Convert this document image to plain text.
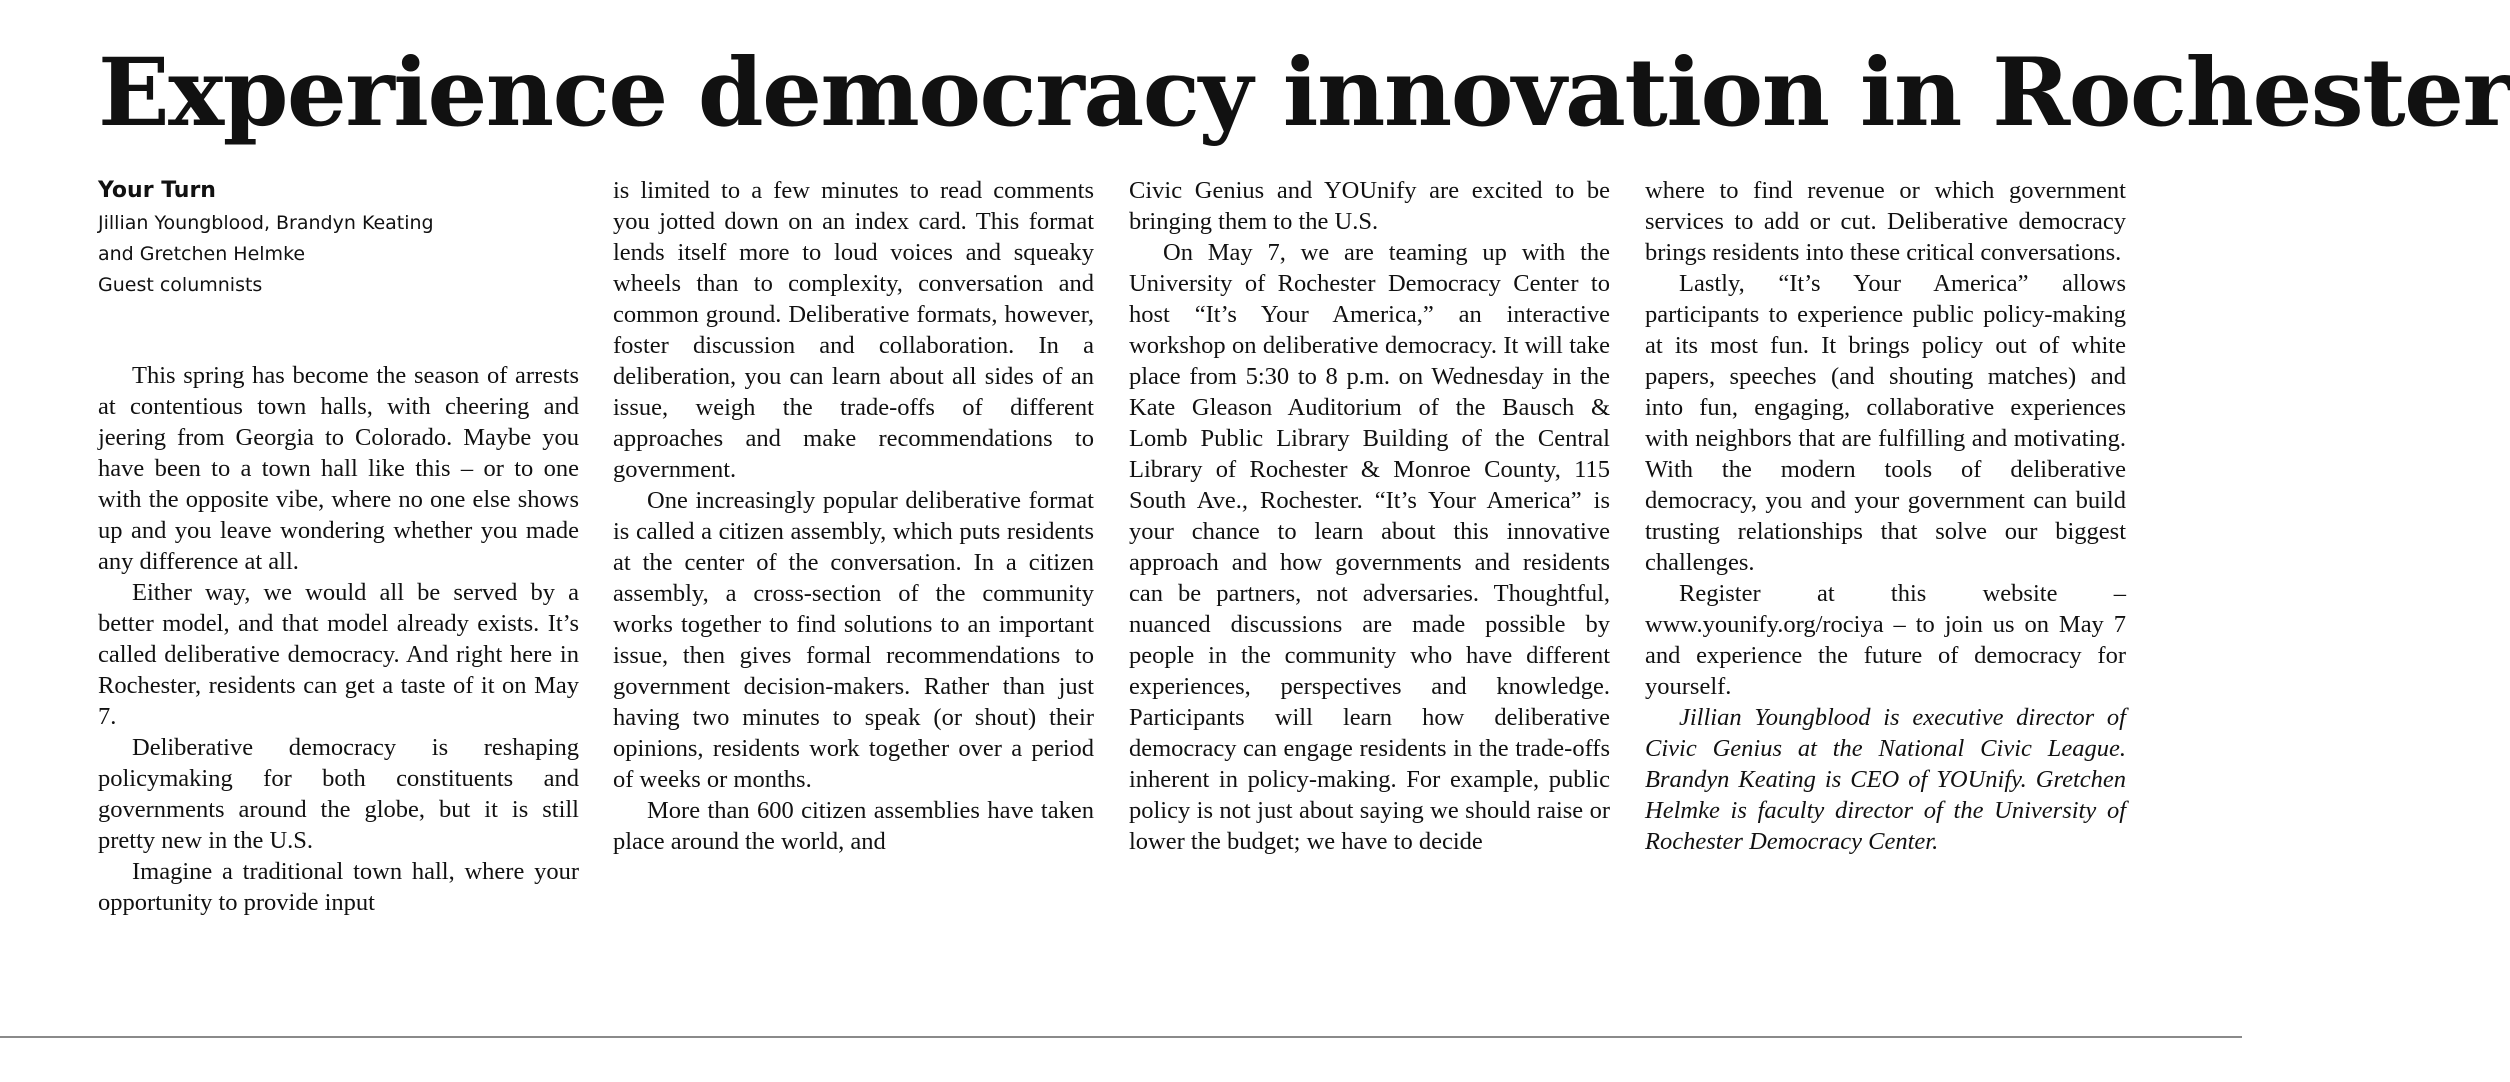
Experience democracy innovation in Rochester
Your Turn
Jillian Youngblood, Brandyn Keating
and Gretchen Helmke
Guest columnists

This spring has become the season of arrests at contentious town halls, with cheering and jeering from Georgia to Colorado. Maybe you have been to a town hall like this – or to one with the opposite vibe, where no one else shows up and you leave wondering whether you made any difference at all.

Either way, we would all be served by a better model, and that model already exists. It’s called deliberative democracy. And right here in Rochester, residents can get a taste of it on May 7.

Deliberative democracy is reshaping policymaking for both constituents and governments around the globe, but it is still pretty new in the U.S.

Imagine a traditional town hall, where your opportunity to provide input

is limited to a few minutes to read comments you jotted down on an index card. This format lends itself more to loud voices and squeaky wheels than to complexity, conversation and common ground. Deliberative formats, however, foster discussion and collaboration. In a deliberation, you can learn about all sides of an issue, weigh the trade-offs of different approaches and make recommendations to government.

One increasingly popular deliberative format is called a citizen assembly, which puts residents at the center of the conversation. In a citizen assembly, a cross-section of the community works together to find solutions to an important issue, then gives formal recommendations to government decision-makers. Rather than just having two minutes to speak (or shout) their opinions, residents work together over a period of weeks or months.

More than 600 citizen assemblies have taken place around the world, and

Civic Genius and YOUnify are excited to be bringing them to the U.S.

On May 7, we are teaming up with the University of Rochester Democracy Center to host “It’s Your America,” an interactive workshop on deliberative democracy. It will take place from 5:30 to 8 p.m. on Wednesday in the Kate Gleason Auditorium of the Bausch & Lomb Public Library Building of the Central Library of Rochester & Monroe County, 115 South Ave., Rochester. “It’s Your America” is your chance to learn about this innovative approach and how governments and residents can be partners, not adversaries. Thoughtful, nuanced discussions are made possible by people in the community who have different experiences, perspectives and knowledge. Participants will learn how deliberative democracy can engage residents in the trade-offs inherent in policy-making. For example, public policy is not just about saying we should raise or lower the budget; we have to decide

where to find revenue or which government services to add or cut. Deliberative democracy brings residents into these critical conversations.

Lastly, “It’s Your America” allows participants to experience public policy-making at its most fun. It brings policy out of white papers, speeches (and shouting matches) and into fun, engaging, collaborative experiences with neighbors that are fulfilling and motivating. With the modern tools of deliberative democracy, you and your government can build trusting relationships that solve our biggest challenges.

Register at this website – www.younify.org/rociya – to join us on May 7 and experience the future of democracy for yourself.

Jillian Youngblood is executive director of Civic Genius at the National Civic League. Brandyn Keating is CEO of YOUnify. Gretchen Helmke is faculty director of the University of Rochester Democracy Center.
